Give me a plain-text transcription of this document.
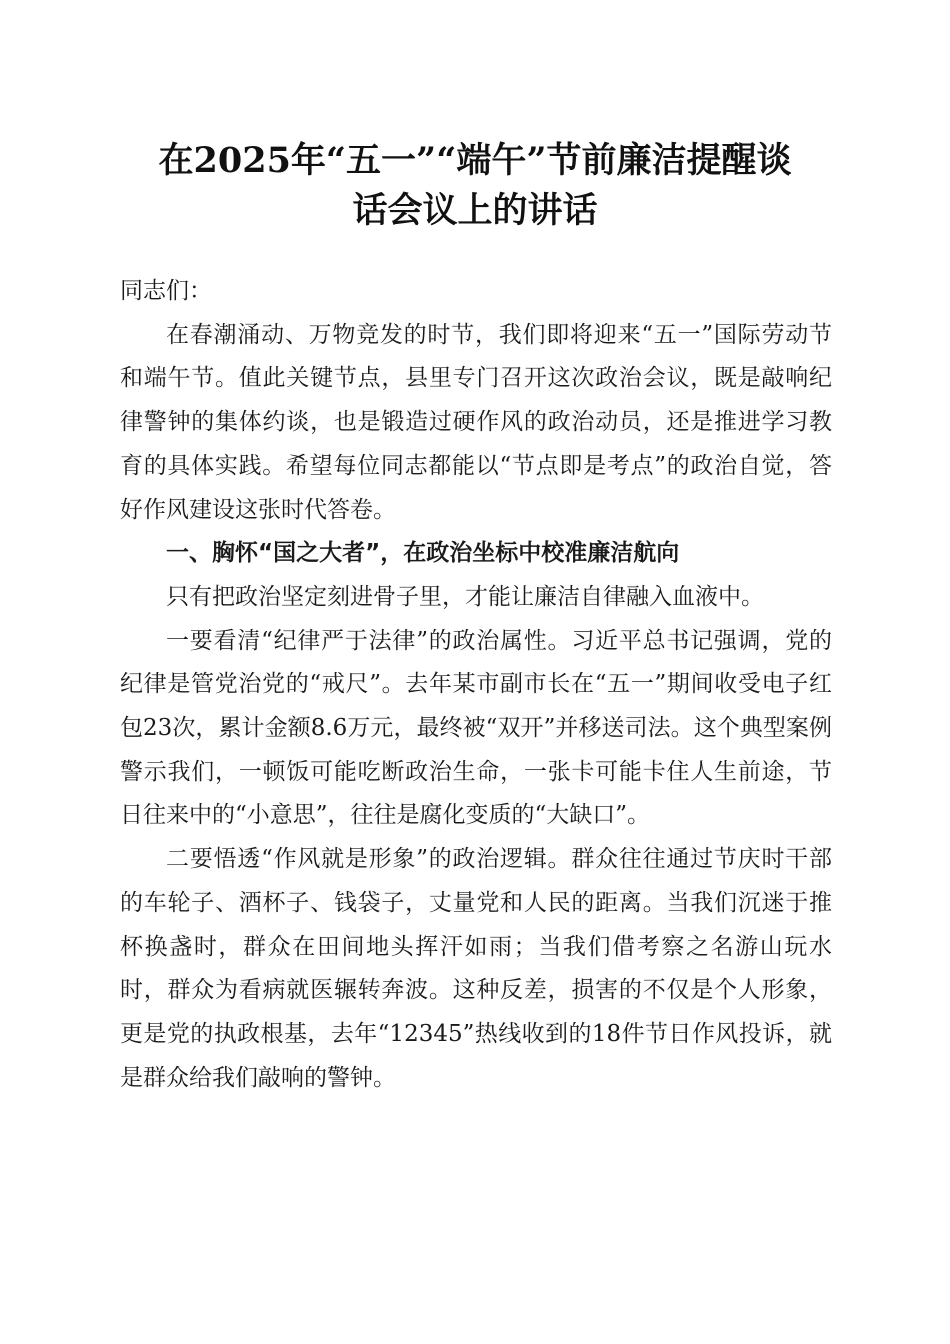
在2025年“五一”“端午”节前廉洁提醒谈
话会议上的讲话

同志们：

在春潮涌动、万物竞发的时节，我们即将迎来“五一”国际劳动节和端午节。值此关键节点，县里专门召开这次政治会议，既是敲响纪律警钟的集体约谈，也是锻造过硬作风的政治动员，还是推进学习教育的具体实践。希望每位同志都能以“节点即是考点”的政治自觉，答好作风建设这张时代答卷。

一、胸怀“国之大者”，在政治坐标中校准廉洁航向

只有把政治坚定刻进骨子里，才能让廉洁自律融入血液中。

一要看清“纪律严于法律”的政治属性。习近平总书记强调，党的纪律是管党治党的“戒尺”。去年某市副市长在“五一”期间收受电子红包23次，累计金额8.6万元，最终被“双开”并移送司法。这个典型案例警示我们，一顿饭可能吃断政治生命，一张卡可能卡住人生前途，节日往来中的“小意思”，往往是腐化变质的“大缺口”。

二要悟透“作风就是形象”的政治逻辑。群众往往通过节庆时干部的车轮子、酒杯子、钱袋子，丈量党和人民的距离。当我们沉迷于推杯换盏时，群众在田间地头挥汗如雨；当我们借考察之名游山玩水时，群众为看病就医辗转奔波。这种反差，损害的不仅是个人形象，更是党的执政根基，去年“12345”热线收到的18件节日作风投诉，就是群众给我们敲响的警钟。
